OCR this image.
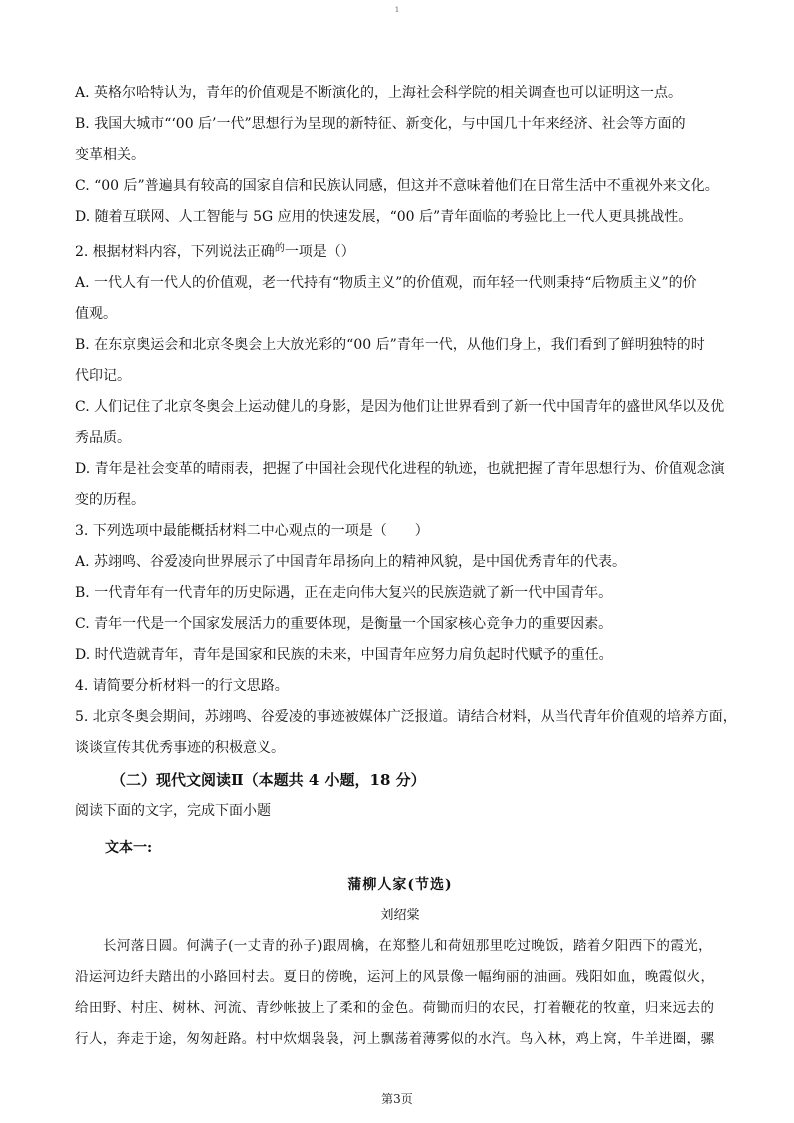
1

A. 英格尔哈特认为，青年的价值观是不断演化的，上海社会科学院的相关调查也可以证明这一点。

B. 我国大城市“‘00 后’一代”思想行为呈现的新特征、新变化，与中国几十年来经济、社会等方面的

变革相关。

C. “00 后”普遍具有较高的国家自信和民族认同感，但这并不意味着他们在日常生活中不重视外来文化。

D. 随着互联网、人工智能与 5G 应用的快速发展，“00 后”青年面临的考验比上一代人更具挑战性。

2. 根据材料内容，下列说法正确$^的$一项是（）

A. 一代人有一代人的价值观，老一代持有“物质主义”的价值观，而年轻一代则秉持“后物质主义”的价

值观。

B. 在东京奥运会和北京冬奥会上大放光彩的“00 后”青年一代，从他们身上，我们看到了鲜明独特的时

代印记。

C. 人们记住了北京冬奥会上运动健儿的身影，是因为他们让世界看到了新一代中国青年的盛世风华以及优

秀品质。

D. 青年是社会变革的晴雨表，把握了中国社会现代化进程的轨迹，也就把握了青年思想行为、价值观念演

变的历程。

3. 下列选项中最能概括材料二中心观点的一项是（　　）

A. 苏翊鸣、谷爱凌向世界展示了中国青年昂扬向上的精神风貌，是中国优秀青年的代表。

B. 一代青年有一代青年的历史际遇，正在走向伟大复兴的民族造就了新一代中国青年。

C. 青年一代是一个国家发展活力的重要体现，是衡量一个国家核心竞争力的重要因素。

D. 时代造就青年，青年是国家和民族的未来，中国青年应努力肩负起时代赋予的重任。

4. 请简要分析材料一的行文思路。

5. 北京冬奥会期间，苏翊鸣、谷爱凌的事迹被媒体广泛报道。请结合材料，从当代青年价值观的培养方面，

谈谈宣传其优秀事迹的积极意义。

（二）现代文阅读Ⅱ（本题共 4 小题，18 分）

阅读下面的文字，完成下面小题

文本一:

蒲柳人家(节选)

刘绍棠

长河落日圆。何满子(一丈青的孙子)跟周檎，在郑整儿和荷妞那里吃过晚饭，踏着夕阳西下的霞光，

沿运河边纤夫踏出的小路回村去。夏日的傍晚，运河上的风景像一幅绚丽的油画。残阳如血，晚霞似火，

给田野、村庄、树林、河流、青纱帐披上了柔和的金色。荷锄而归的农民，打着鞭花的牧童，归来远去的

行人，奔走于途，匆匆赶路。村中炊烟袅袅，河上飘荡着薄雾似的水汽。鸟入林，鸡上窝，牛羊进圈，骡

第3页
